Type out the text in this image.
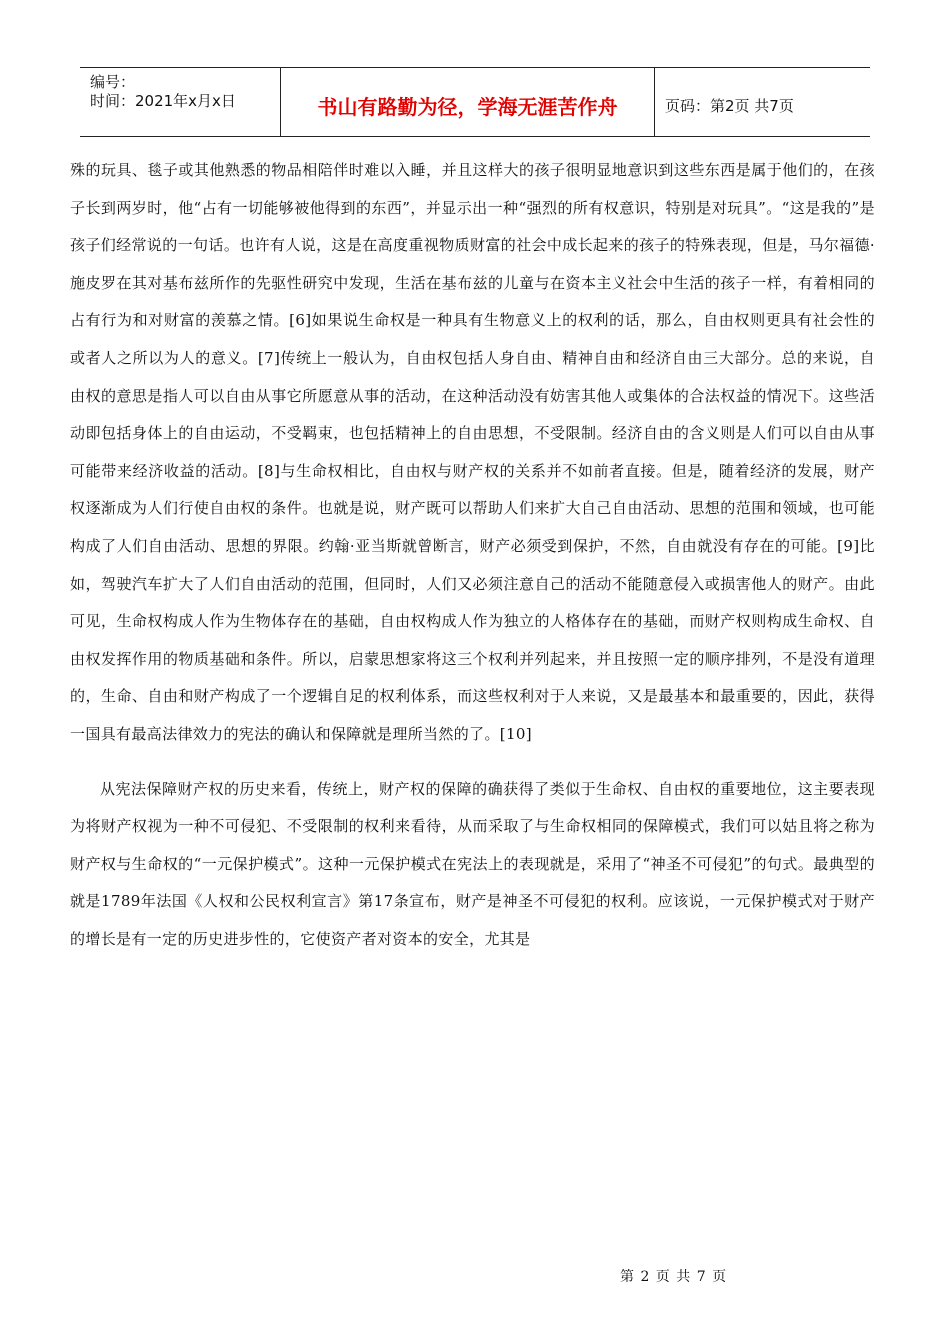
编号：
时间：2021年x月x日	书山有路勤为径，学海无涯苦作舟	页码：第2页 共7页

殊的玩具、毯子或其他熟悉的物品相陪伴时难以入睡，并且这样大的孩子很明显地意识到这些东西是属于他们的，在孩子长到两岁时，他“占有一切能够被他得到的东西”，并显示出一种“强烈的所有权意识，特别是对玩具”。“这是我的”是孩子们经常说的一句话。也许有人说，这是在高度重视物质财富的社会中成长起来的孩子的特殊表现，但是，马尔福德·施皮罗在其对基布兹所作的先驱性研究中发现，生活在基布兹的儿童与在资本主义社会中生活的孩子一样，有着相同的占有行为和对财富的羡慕之情。[6]如果说生命权是一种具有生物意义上的权利的话，那么，自由权则更具有社会性的或者人之所以为人的意义。[7]传统上一般认为，自由权包括人身自由、精神自由和经济自由三大部分。总的来说，自由权的意思是指人可以自由从事它所愿意从事的活动，在这种活动没有妨害其他人或集体的合法权益的情况下。这些活动即包括身体上的自由运动，不受羁束，也包括精神上的自由思想，不受限制。经济自由的含义则是人们可以自由从事可能带来经济收益的活动。[8]与生命权相比，自由权与财产权的关系并不如前者直接。但是，随着经济的发展，财产权逐渐成为人们行使自由权的条件。也就是说，财产既可以帮助人们来扩大自己自由活动、思想的范围和领域，也可能构成了人们自由活动、思想的界限。约翰·亚当斯就曾断言，财产必须受到保护，不然，自由就没有存在的可能。[9]比如，驾驶汽车扩大了人们自由活动的范围，但同时，人们又必须注意自己的活动不能随意侵入或损害他人的财产。由此可见，生命权构成人作为生物体存在的基础，自由权构成人作为独立的人格体存在的基础，而财产权则构成生命权、自由权发挥作用的物质基础和条件。所以，启蒙思想家将这三个权利并列起来，并且按照一定的顺序排列，不是没有道理的，生命、自由和财产构成了一个逻辑自足的权利体系，而这些权利对于人来说，又是最基本和最重要的，因此，获得一国具有最高法律效力的宪法的确认和保障就是理所当然的了。[10]

从宪法保障财产权的历史来看，传统上，财产权的保障的确获得了类似于生命权、自由权的重要地位，这主要表现为将财产权视为一种不可侵犯、不受限制的权利来看待，从而采取了与生命权相同的保障模式，我们可以姑且将之称为财产权与生命权的“一元保护模式”。这种一元保护模式在宪法上的表现就是，采用了“神圣不可侵犯”的句式。最典型的就是1789年法国《人权和公民权利宣言》第17条宣布，财产是神圣不可侵犯的权利。应该说，一元保护模式对于财产的增长是有一定的历史进步性的，它使资产者对资本的安全，尤其是

第 2 页 共 7 页
